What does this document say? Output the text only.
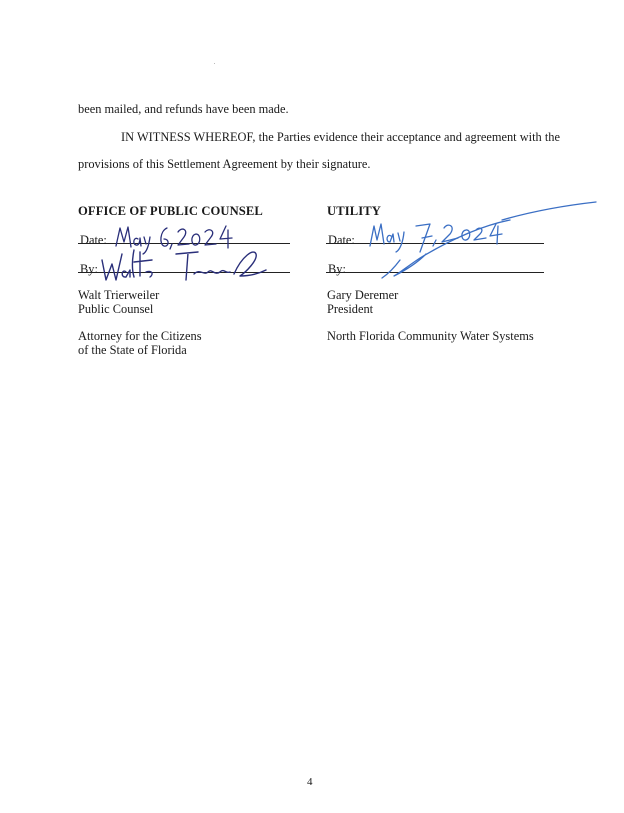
been mailed, and refunds have been made.
IN WITNESS WHEREOF, the Parties evidence their acceptance and agreement with the
provisions of this Settlement Agreement by their signature.
OFFICE OF PUBLIC COUNSEL
Date:
By:
Walt Trierweiler
Public Counsel
Attorney for the Citizens
of the State of Florida
UTILITY
Date:
By:
Gary Deremer
President
North Florida Community Water Systems
4
